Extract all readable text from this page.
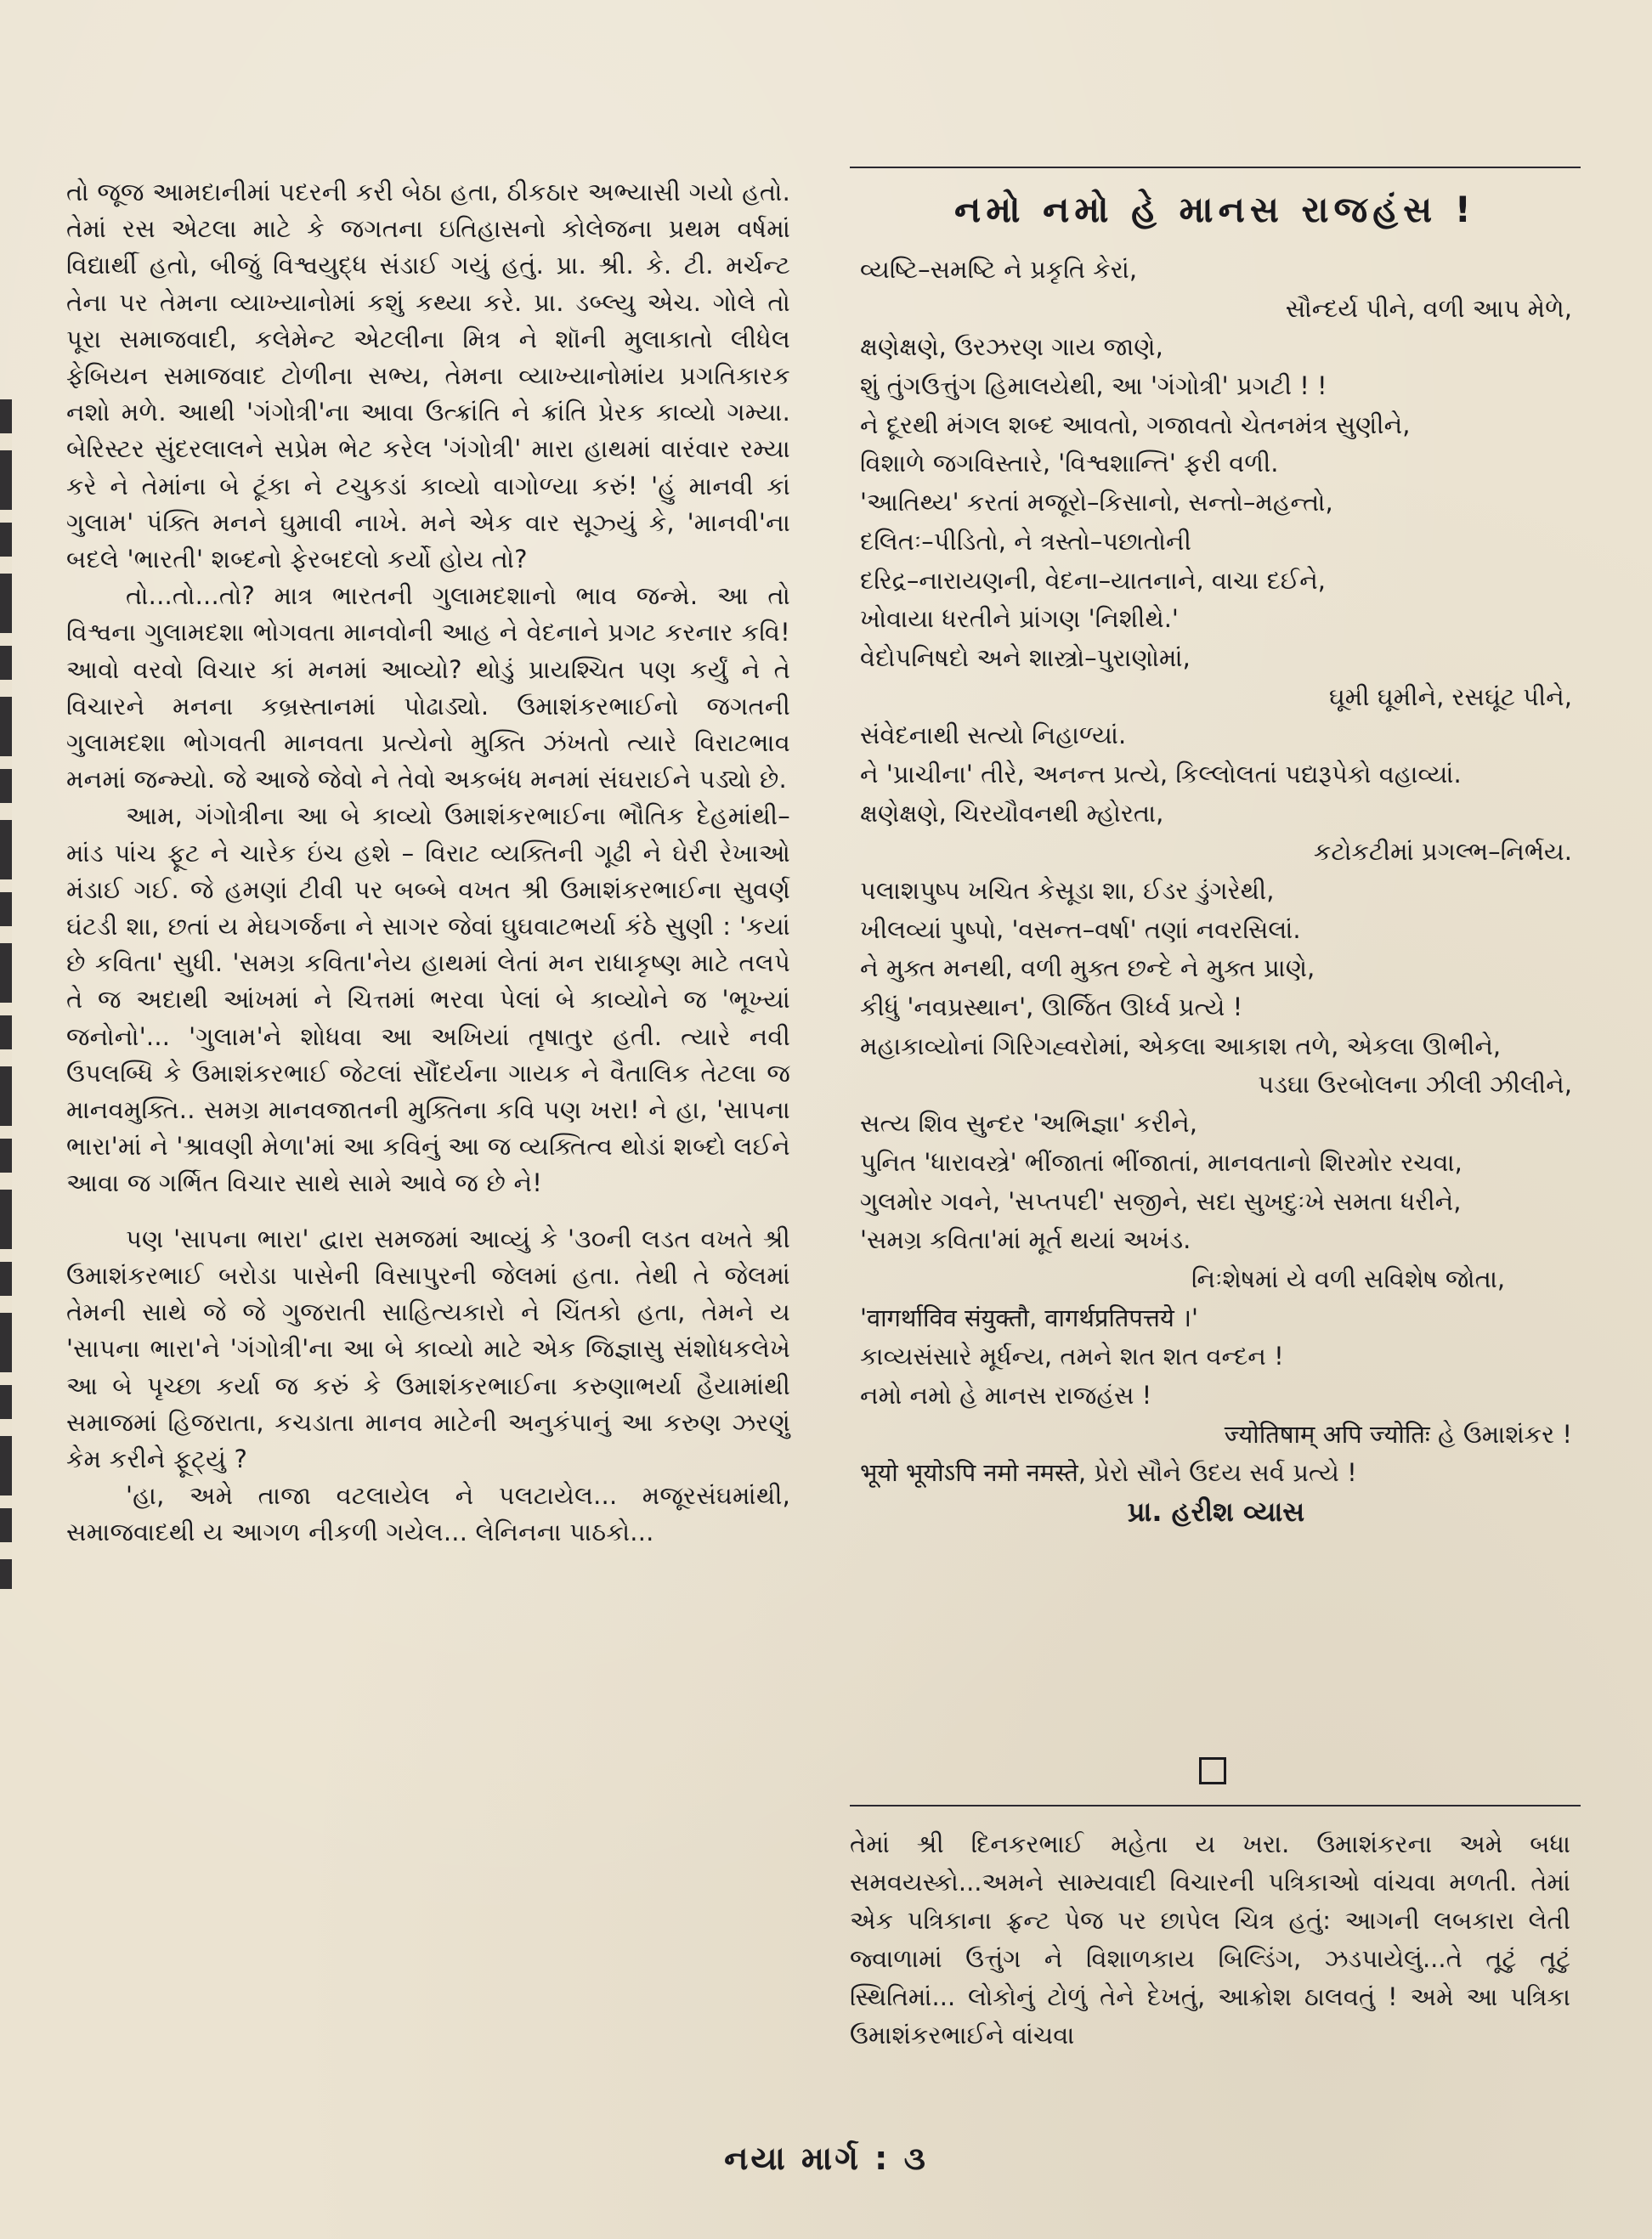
તો જૂજ આમદાનીમાં પદરની કરી બેઠા હતા, ઠીકઠાર અભ્યાસી ગયો હતો. તેમાં રસ એટલા માટે કે જગતના ઇતિહાસનો કોલેજના પ્રથમ વર્ષમાં વિદ્યાર્થી હતો, બીજું વિશ્વયુદ્ધ સંડાઈ ગયું હતું. પ્રા. શ્રી. કે. ટી. મર્ચન્ટ તેના પર તેમના વ્યાખ્યાનોમાં કશું કથ્યા કરે. પ્રા. ડબ્લ્યુ એચ. ગોલે તો પૂરા સમાજવાદી, કલેમેન્ટ એટલીના મિત્ર ને શૉની મુલાકાતો લીધેલ ફેબિયન સમાજવાદ ટોળીના સભ્ય, તેમના વ્યાખ્યાનોમાંય પ્રગતિકારક નશો મળે. આથી 'ગંગોત્રી'ના આવા ઉત્ક્રાંતિ ને ક્રાંતિ પ્રેરક કાવ્યો ગમ્યા. બેરિસ્ટર સુંદરલાલને સપ્રેમ ભેટ કરેલ 'ગંગોત્રી' મારા હાથમાં વારંવાર રમ્યા કરે ને તેમાંના બે ટૂંકા ને ટચુકડાં કાવ્યો વાગોળ્યા કરું! 'હું માનવી કાં ગુલામ' પંક્તિ મનને ઘુમાવી નાખે. મને એક વાર સૂઝ્યું કે, 'માનવી'ના બદલે 'ભારતી' શબ્દનો ફેરબદલો કર્યો હોય તો?

તો...તો...તો? માત્ર ભારતની ગુલામદશાનો ભાવ જન્મે. આ તો વિશ્વના ગુલામદશા ભોગવતા માનવોની આહ ને વેદનાને પ્રગટ કરનાર કવિ! આવો વરવો વિચાર કાં મનમાં આવ્યો? થોડું પ્રાયશ્ચિત પણ કર્યું ને તે વિચારને મનના કબ્રસ્તાનમાં પોઢાડ્યો. ઉમાશંકરભાઈનો જગતની ગુલામદશા ભોગવતી માનવતા પ્રત્યેનો મુક્તિ ઝંખતો ત્યારે વિરાટભાવ મનમાં જન્મ્યો. જે આજે જેવો ને તેવો અકબંધ મનમાં સંઘરાઈને પડ્યો છે.

આમ, ગંગોત્રીના આ બે કાવ્યો ઉમાશંકરભાઈના ભૌતિક દેહમાંથી–માંડ પાંચ ફૂટ ને ચારેક ઇંચ હશે – વિરાટ વ્યક્તિની ગૂઢી ને ઘેરી રેખાઓ મંડાઈ ગઈ. જે હમણાં ટીવી પર બબ્બે વખત શ્રી ઉમાશંકરભાઈના સુવર્ણ ઘંટડી શા, છતાં ય મેઘગર્જના ને સાગર જેવાં ઘુઘવાટભર્યા કંઠે સુણી : 'કયાં છે કવિતા' સુધી. 'સમગ્ર કવિતા'નેય હાથમાં લેતાં મન રાધાકૃષ્ણ માટે તલપે તે જ અદાથી આંખમાં ને ચિત્તમાં ભરવા પેલાં બે કાવ્યોને જ 'ભૂખ્યાં જનોનો'... 'ગુલામ'ને શોધવા આ અખિયાં તૃષાતુર હતી. ત્યારે નવી ઉપલબ્ધિ કે ઉમાશંકરભાઈ જેટલાં સૌંદર્યના ગાયક ને વૈતાલિક તેટલા જ માનવમુક્તિ.. સમગ્ર માનવજાતની મુક્તિના કવિ પણ ખરા! ને હા, 'સાપના ભારા'માં ને 'શ્રાવણી મેળા'માં આ કવિનું આ જ વ્યક્તિત્વ થોડાં શબ્દો લઈને આવા જ ગર્ભિત વિચાર સાથે સામે આવે જ છે ને!

પણ 'સાપના ભારા' દ્વારા સમજમાં આવ્યું કે '૩૦ની લડત વખતે શ્રી ઉમાશંકરભાઈ બરોડા પાસેની વિસાપુરની જેલમાં હતા. તેથી તે જેલમાં તેમની સાથે જે જે ગુજરાતી સાહિત્યકારો ને ચિંતકો હતા, તેમને ય 'સાપના ભારા'ને 'ગંગોત્રી'ના આ બે કાવ્યો માટે એક જિજ્ઞાસુ સંશોધકલેખે આ બે પૃચ્છા કર્યા જ કરું કે ઉમાશંકરભાઈના કરુણાભર્યા હૈયામાંથી સમાજમાં હિજરાતા, કચડાતા માનવ માટેની અનુકંપાનું આ કરુણ ઝરણું કેમ કરીને ફૂટ્યું ?

'હા, અમે તાજા વટલાયેલ ને પલટાયેલ... મજૂરસંઘમાંથી, સમાજવાદથી ય આગળ નીકળી ગયેલ... લેનિનના પાઠકો...

નમો નમો હે માનસ રાજહંસ !
વ્યષ્ટિ–સમષ્ટિ ને પ્રકૃતિ કેરાં,
સૌન્દર્ય પીને, વળી આપ મેળે,
ક્ષણેક્ષણે, ઉરઝરણ ગાય જાણે,
શું તુંગઉત્તુંગ હિમાલયેથી, આ 'ગંગોત્રી' પ્રગટી ! !
ને દૂરથી મંગલ શબ્દ આવતો, ગજાવતો ચેતનમંત્ર સુણીને,
વિશાળે જગવિસ્તારે, 'વિશ્વશાન્તિ' ફરી વળી.
'આતિથ્ય' કરતાં મજૂરો–કિસાનો, સન્તો–મહન્તો,
દલિતઃ–પીડિતો, ને ત્રસ્તો–પછાતોની
દરિદ્ર–નારાયણની, વેદના–યાતનાને, વાચા દઈને,
ખોવાયા ધરતીને પ્રાંગણ 'નિશીથે.'
વેદોપનિષદો અને શાસ્ત્રો–પુરાણોમાં,
ઘૂમી ઘૂમીને, રસઘૂંટ પીને,
સંવેદનાથી સત્યો નિહાળ્યાં.
ને 'પ્રાચીના' તીરે, અનન્ત પ્રત્યે, કિલ્લોલતાં પદ્યરૂપેકો વહાવ્યાં.
ક્ષણેક્ષણે, ચિરયૌવનથી મ્હોરતા,
કટોકટીમાં પ્રગલ્ભ–નિર્ભય.
પલાશપુષ્પ ખચિત કેસૂડા શા, ઈડર ડુંગરેથી,
ખીલવ્યાં પુષ્પો, 'વસન્ત–વર્ષા' તણાં નવરસિલાં.
ને મુક્ત મનથી, વળી મુક્ત છન્દે ને મુક્ત પ્રાણે,
કીધું 'નવપ્રસ્થાન', ઊર્જિત ઊર્ધ્વ પ્રત્યે !
મહાકાવ્યોનાં ગિરિગહ્વરોમાં, એકલા આકાશ તળે, એકલા ઊભીને,
પડઘા ઉરબોલના ઝીલી ઝીલીને,
સત્ય શિવ સુન્દર 'અભિજ્ઞા' કરીને,
પુનિત 'ધારાવસ્ત્રે' ભીંજાતાં ભીંજાતાં, માનવતાનો શિરમોર રચવા,
ગુલમોર ગવને, 'સપ્તપદી' સજીને, સદા સુખદુઃખે સમતા ધરીને,
'સમગ્ર કવિતા'માં મૂર્ત થયાં અખંડ.
નિઃશેષમાં યે વળી સવિશેષ જોતા,
'वागर्थाविव संयुक्तौ, वागर्थप्रतिपत्तये ।'
કાવ્યસંસારે મૂર્ધન્ય, તમને શત શત વન્દન !
નમો નમો હે માનસ રાજહંસ !
ज्योतिषाम् अपि ज्योतिः હે ઉમાશંકર !
भूयो भूयोऽपि नमो नमस्ते, પ્રેરો સૌને ઉદય સર્વ પ્રત્યે !
પ્રા. હરીશ વ્યાસ

તેમાં શ્રી દિનકરભાઈ મહેતા ય ખરા. ઉમાશંકરના અમે બધા સમવયસ્કો...અમને સામ્યવાદી વિચારની પત્રિકાઓ વાંચવા મળતી. તેમાં એક પત્રિકાના ફ્રન્ટ પેજ પર છાપેલ ચિત્ર હતું: આગની લબકારા લેતી જ્વાળામાં ઉત્તુંગ ને વિશાળકાય બિલ્ડિંગ, ઝડપાયેલું...તે તૂટું તૂટું સ્થિતિમાં... લોકોનું ટોળું તેને દેખતું, આક્રોશ ઠાલવતું ! અમે આ પત્રિકા ઉમાશંકરભાઈને વાંચવા

નયા માર્ગ : ૩
